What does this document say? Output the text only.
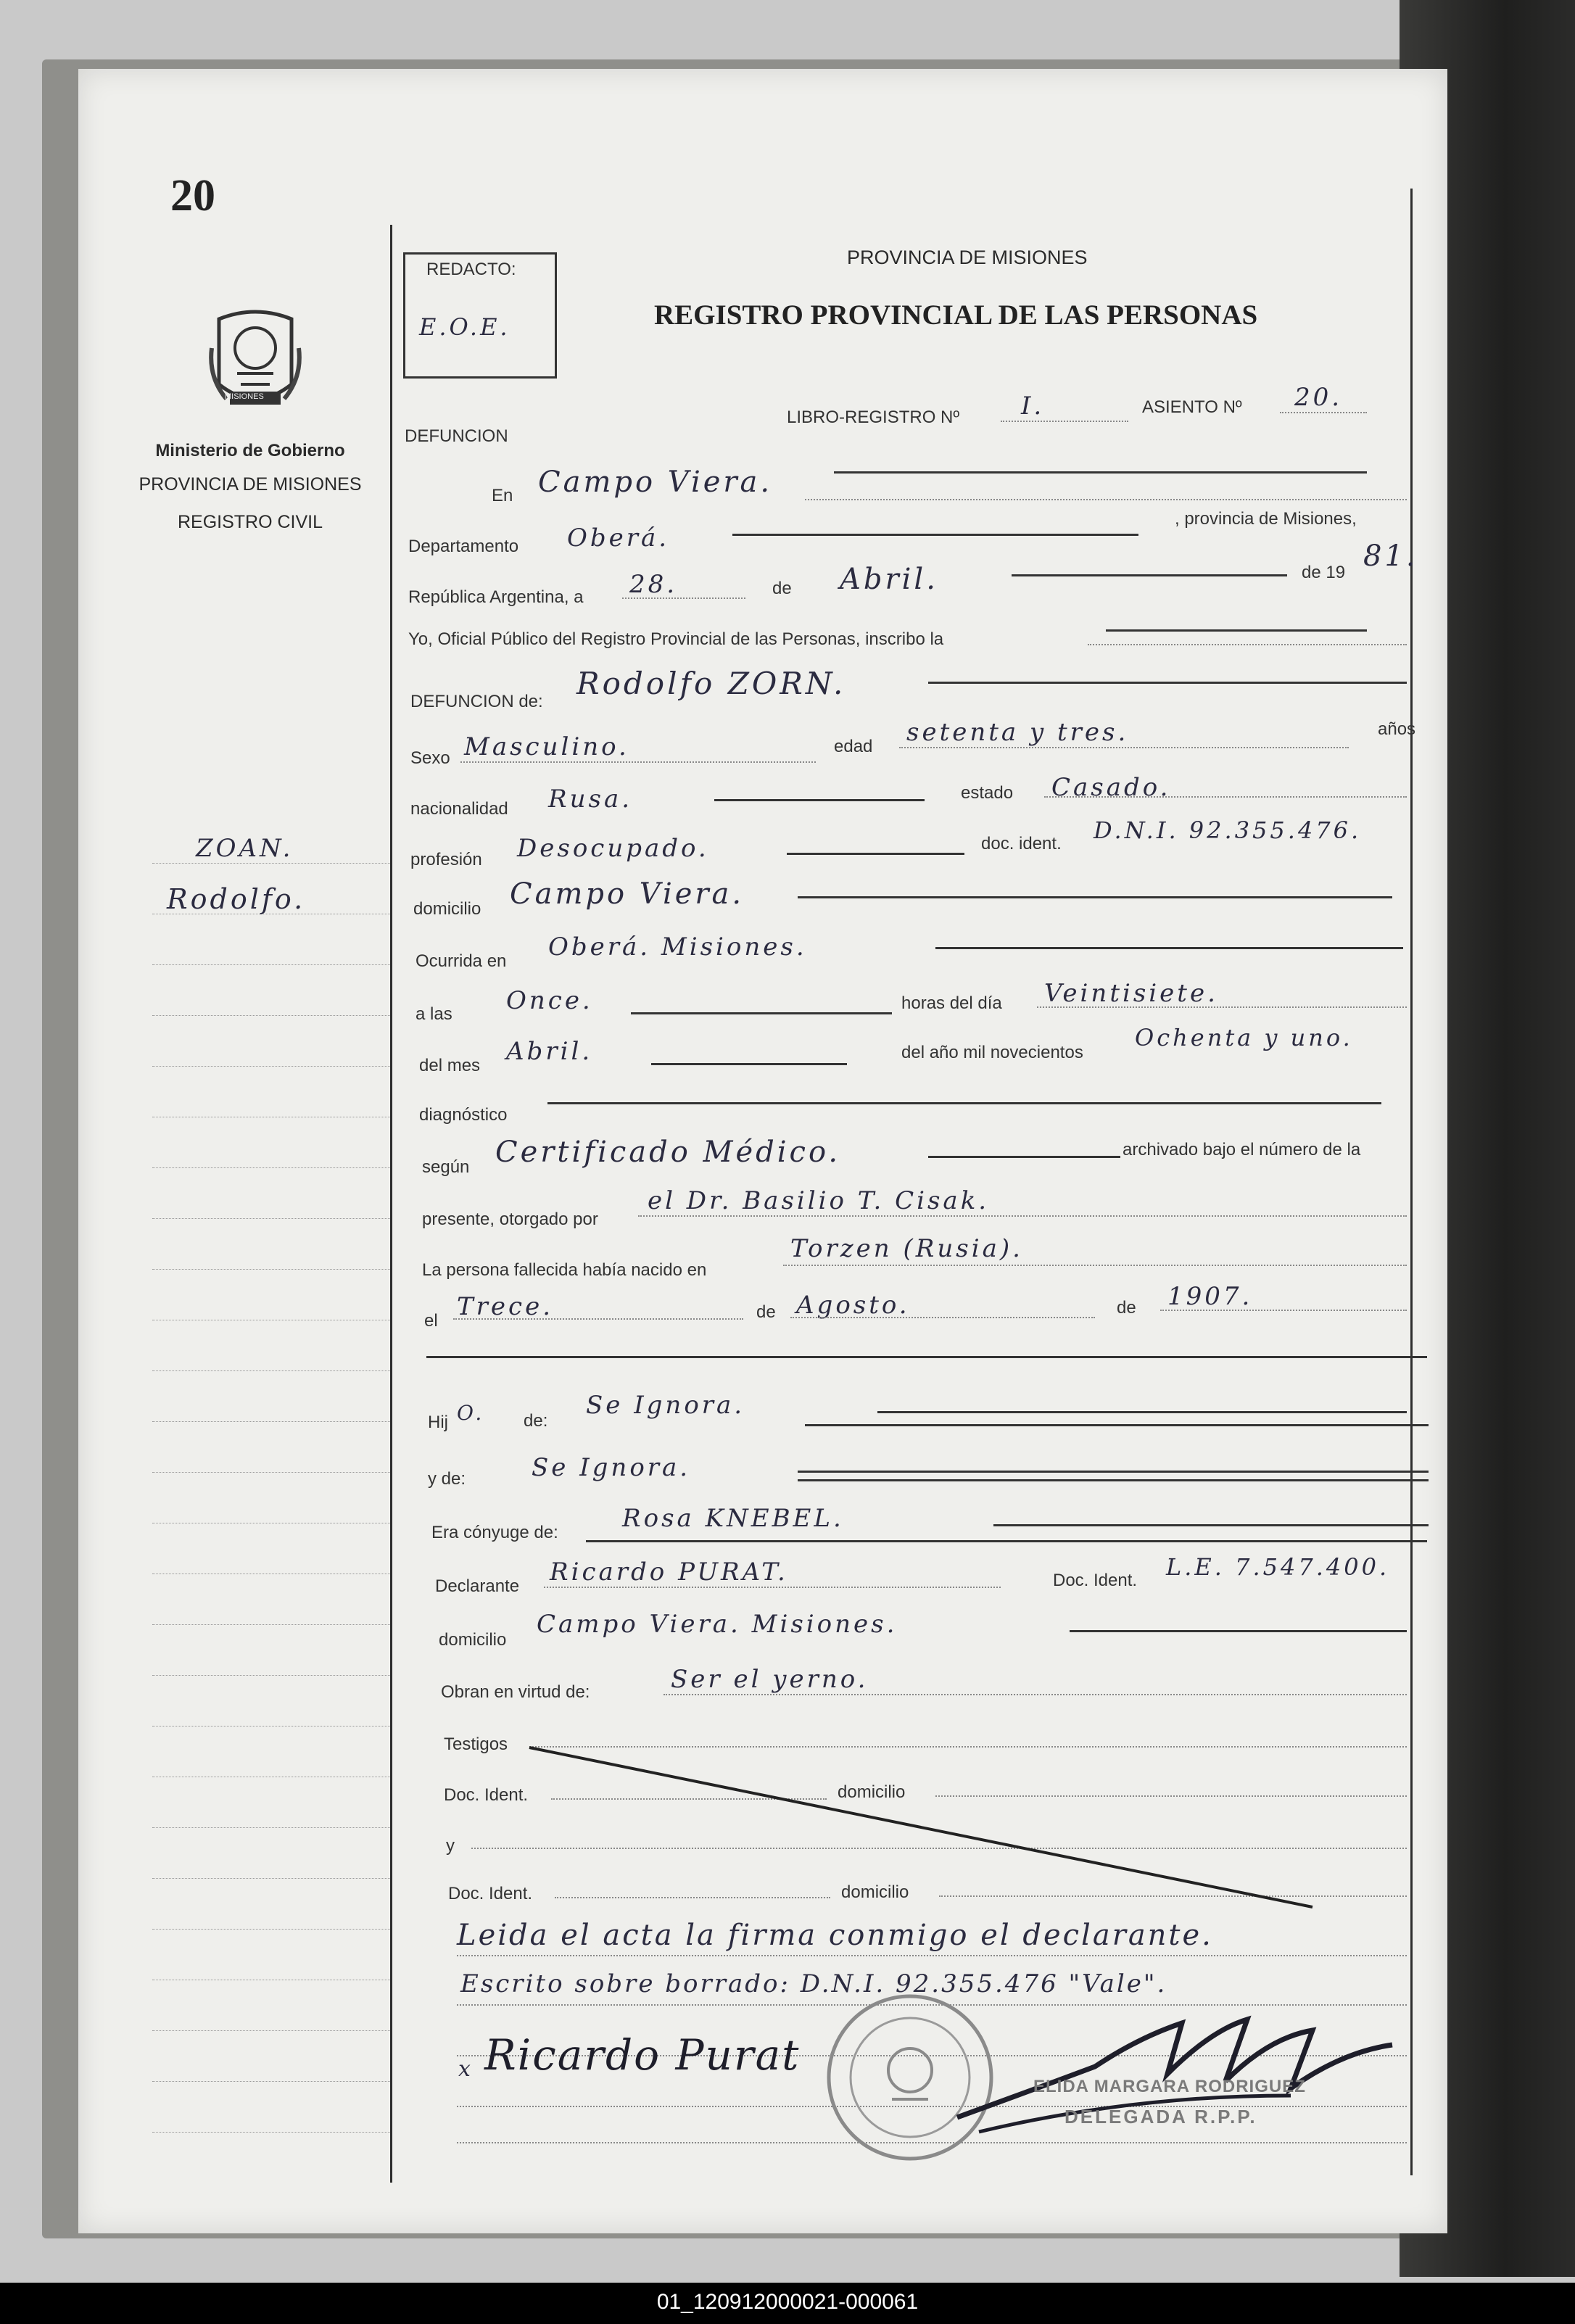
20
MISIONES
Ministerio de Gobierno
PROVINCIA DE MISIONES
REGISTRO CIVIL
ZOAN.
Rodolfo.
REDACTO:
E.O.E.
PROVINCIA DE MISIONES
REGISTRO PROVINCIAL DE LAS PERSONAS
DEFUNCION
LIBRO-REGISTRO Nº I.	ASIENTO Nº 20.
En Campo Viera.
Departamento Oberá.
, provincia de Misiones,
República Argentina, a 28.	de Abril.	de 19 81.
Yo, Oficial Público del Registro Provincial de las Personas, inscribo la
DEFUNCION de:
Rodolfo ZORN.
Sexo Masculino.	edad setenta y tres.	años
nacionalidad Rusa.	estado Casado.
profesión Desocupado.	doc. ident. D.N.I. 92.355.476.
domicilio Campo Viera.
Ocurrida en Oberá. Misiones.
a las Once.	horas del día Veintisiete.
del mes Abril.	del año mil novecientos
Ochenta y uno.
diagnóstico
según Certificado Médico.	archivado bajo el número de la
presente, otorgado por
el Dr. Basilio T. Cisak.
La persona fallecida había nacido en
Torzen (Rusia).
el Trece.	de Agosto.	de 1907.
Hij O. de:
Se Ignora.
y de:	Se Ignora.
Era cónyuge de:	Rosa KNEBEL.
Declarante Ricardo PURAT.	Doc. Ident. L.E. 7.547.400.
domicilio
Campo Viera. Misiones.
Obran en virtud de:	Ser el yerno.
Testigos
Doc. Ident.	domicilio
y
Doc. Ident.	domicilio
Leida el acta la firma conmigo el declarante.
Escrito sobre borrado: D.N.I. 92.355.476 "Vale".
x Ricardo Purat
ELIDA MARGARA RODRIGUEZ
DELEGADA R.P.P.
01_120912000021-000061
